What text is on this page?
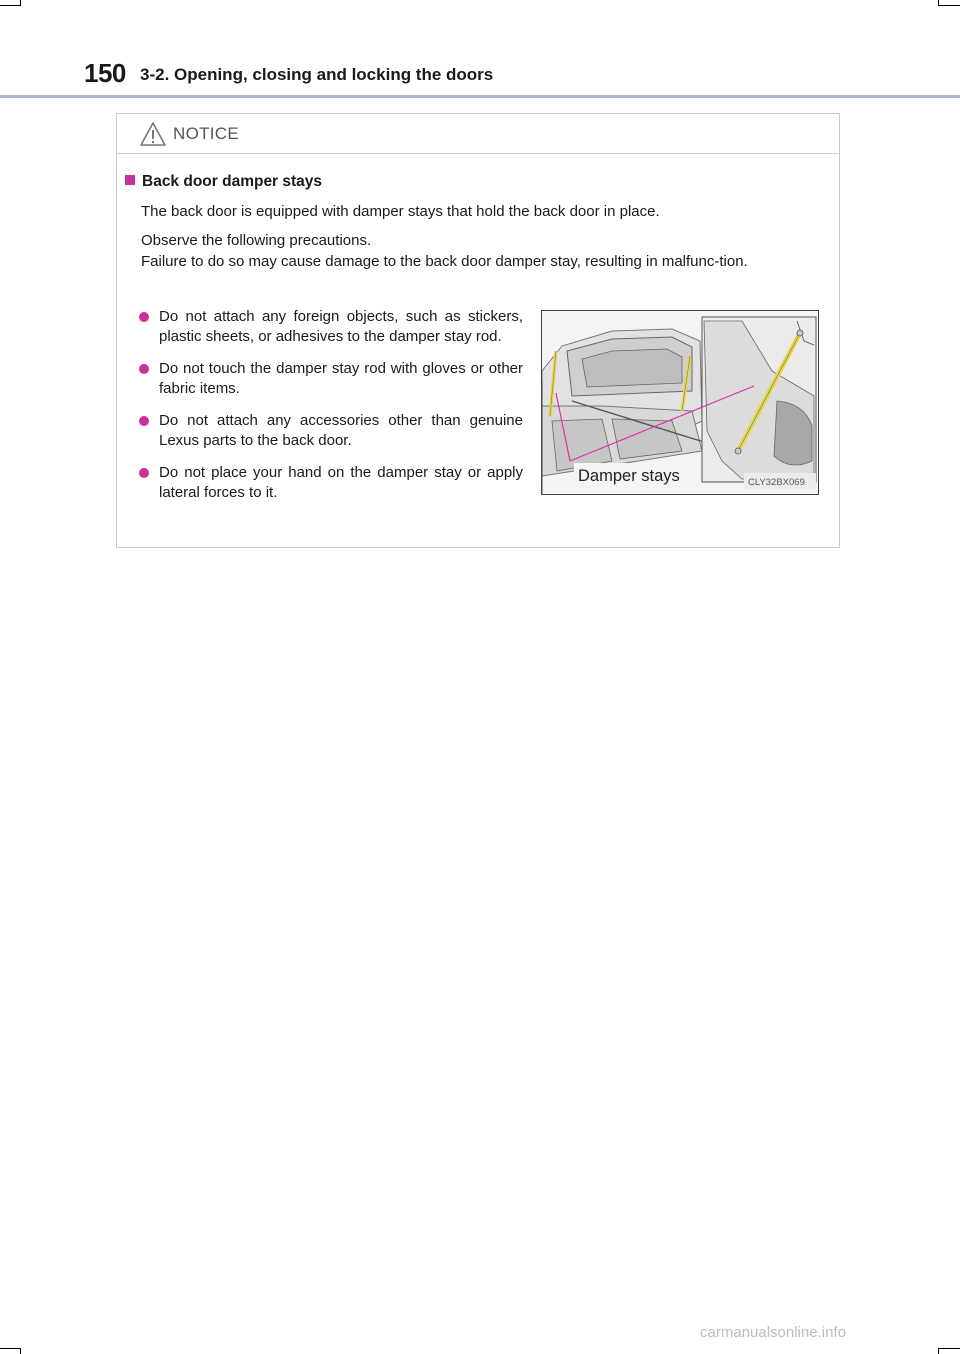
150 3-2. Opening, closing and locking the doors
NOTICE
Back door damper stays
The back door is equipped with damper stays that hold the back door in place.
Observe the following precautions.
Failure to do so may cause damage to the back door damper stay, resulting in malfunc-tion.
Do not attach any foreign objects, such as stickers, plastic sheets, or adhesives to the damper stay rod.
Do not touch the damper stay rod with gloves or other fabric items.
Do not attach any accessories other than genuine Lexus parts to the back door.
Do not place your hand on the damper stay or apply lateral forces to it.
Damper stays	CLY32BX069
carmanualsonline.info
